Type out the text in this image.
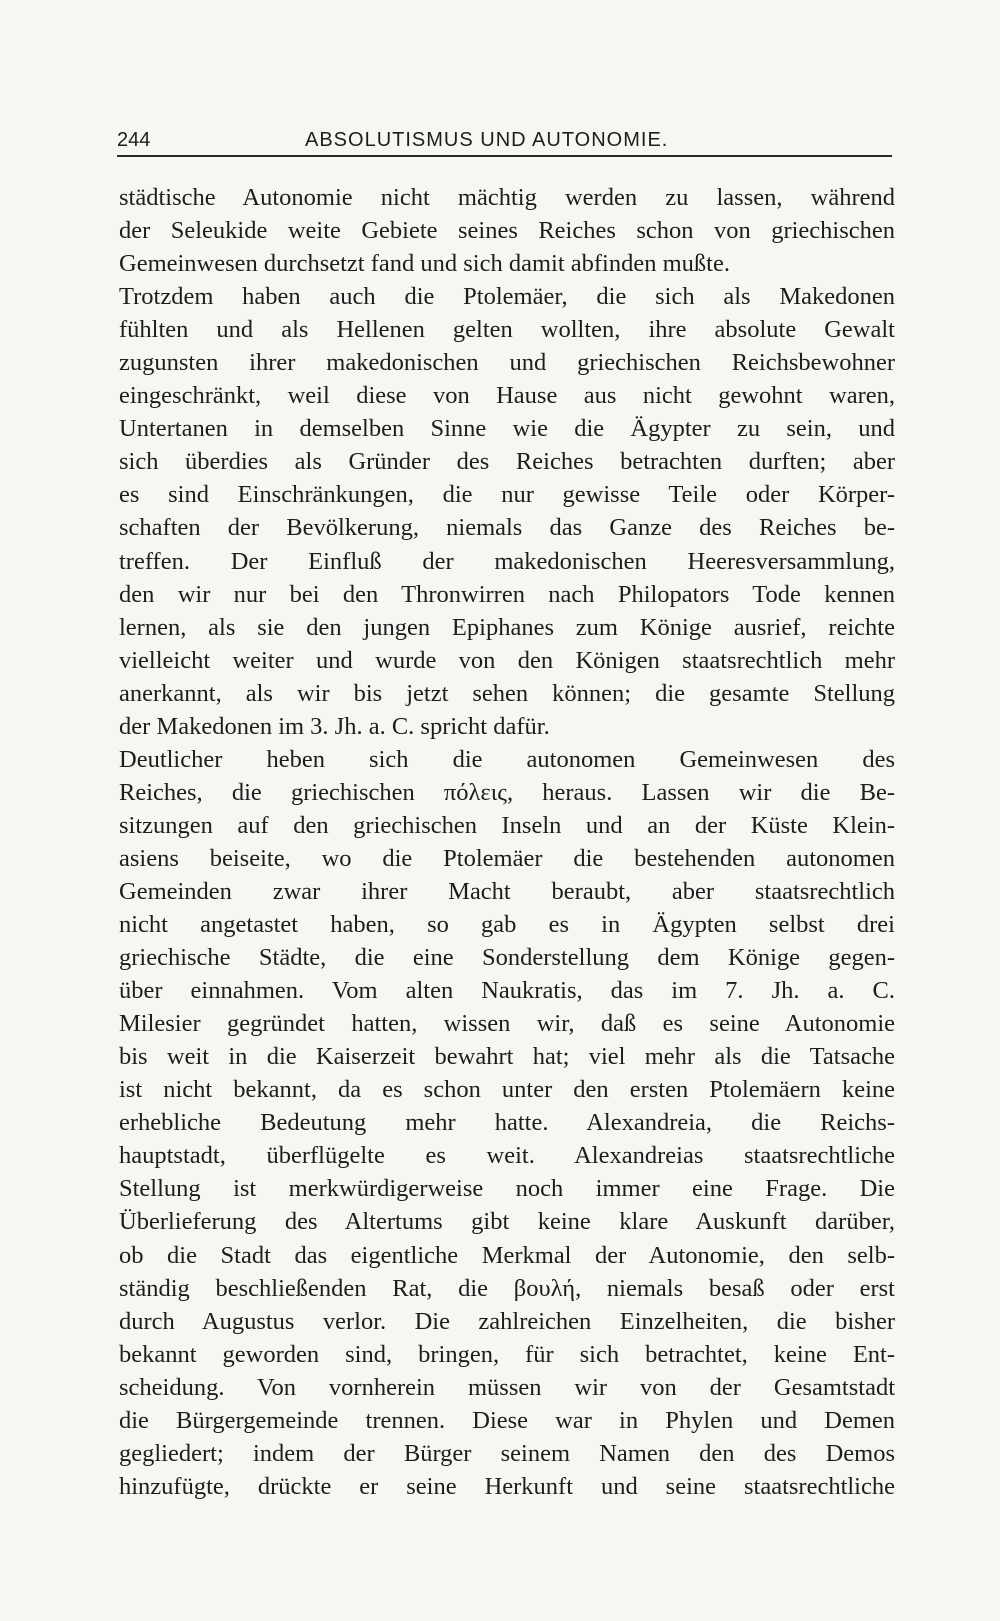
244	ABSOLUTISMUS UND AUTONOMIE.
städtische Autonomie nicht mächtig werden zu lassen, während
der Seleukide weite Gebiete seines Reiches schon von griechischen
Gemeinwesen durchsetzt fand und sich damit abfinden mußte.
Trotzdem haben auch die Ptolemäer, die sich als Makedonen
fühlten und als Hellenen gelten wollten, ihre absolute Gewalt
zugunsten ihrer makedonischen und griechischen Reichsbewohner
eingeschränkt, weil diese von Hause aus nicht gewohnt waren,
Untertanen in demselben Sinne wie die Ägypter zu sein, und
sich überdies als Gründer des Reiches betrachten durften; aber
es sind Einschränkungen, die nur gewisse Teile oder Körper-
schaften der Bevölkerung, niemals das Ganze des Reiches be-
treffen. Der Einfluß der makedonischen Heeresversammlung,
den wir nur bei den Thronwirren nach Philopators Tode kennen
lernen, als sie den jungen Epiphanes zum Könige ausrief, reichte
vielleicht weiter und wurde von den Königen staatsrechtlich mehr
anerkannt, als wir bis jetzt sehen können; die gesamte Stellung
der Makedonen im 3. Jh. a. C. spricht dafür.
Deutlicher heben sich die autonomen Gemeinwesen des
Reiches, die griechischen πόλεις, heraus. Lassen wir die Be-
sitzungen auf den griechischen Inseln und an der Küste Klein-
asiens beiseite, wo die Ptolemäer die bestehenden autonomen
Gemeinden zwar ihrer Macht beraubt, aber staatsrechtlich
nicht angetastet haben, so gab es in Ägypten selbst drei
griechische Städte, die eine Sonderstellung dem Könige gegen-
über einnahmen. Vom alten Naukratis, das im 7. Jh. a. C.
Milesier gegründet hatten, wissen wir, daß es seine Autonomie
bis weit in die Kaiserzeit bewahrt hat; viel mehr als die Tatsache
ist nicht bekannt, da es schon unter den ersten Ptolemäern keine
erhebliche Bedeutung mehr hatte. Alexandreia, die Reichs-
hauptstadt, überflügelte es weit. Alexandreias staatsrechtliche
Stellung ist merkwürdigerweise noch immer eine Frage. Die
Überlieferung des Altertums gibt keine klare Auskunft darüber,
ob die Stadt das eigentliche Merkmal der Autonomie, den selb-
ständig beschließenden Rat, die βουλή, niemals besaß oder erst
durch Augustus verlor. Die zahlreichen Einzelheiten, die bisher
bekannt geworden sind, bringen, für sich betrachtet, keine Ent-
scheidung. Von vornherein müssen wir von der Gesamtstadt
die Bürgergemeinde trennen. Diese war in Phylen und Demen
gegliedert; indem der Bürger seinem Namen den des Demos
hinzufügte, drückte er seine Herkunft und seine staatsrechtliche
